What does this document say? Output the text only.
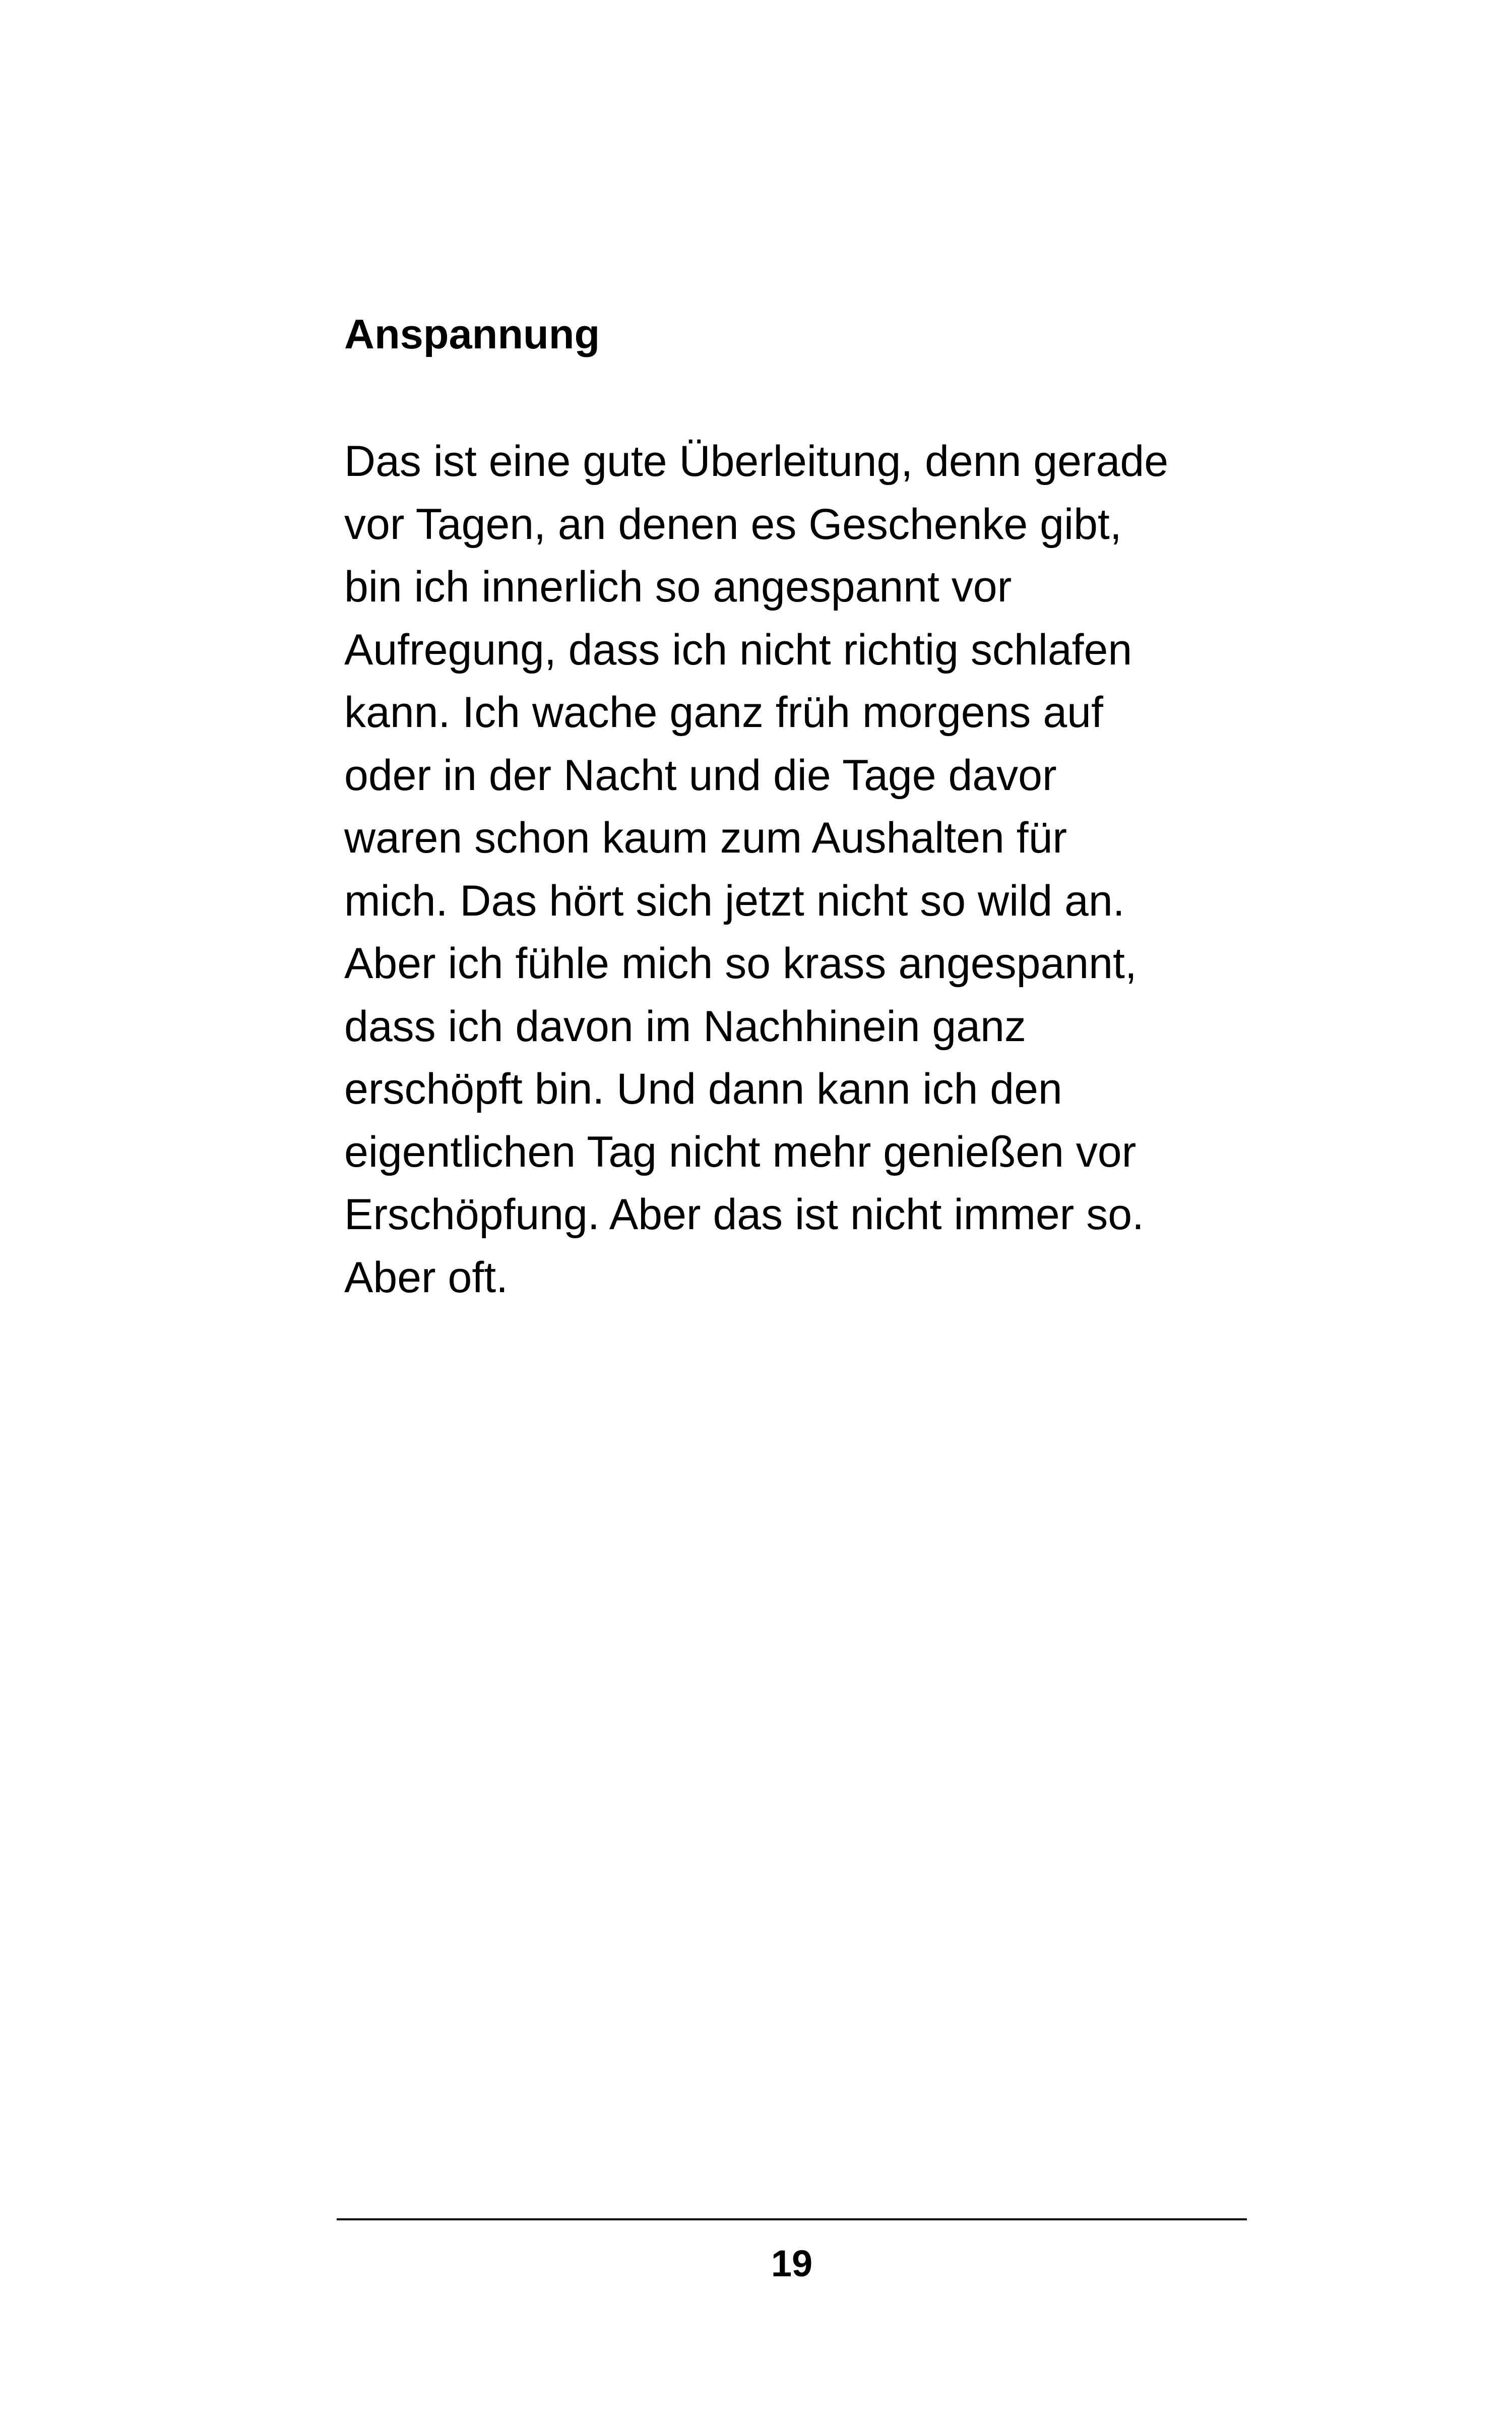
Anspannung
Das ist eine gute Überleitung, denn gerade
vor Tagen, an denen es Geschenke gibt,
bin ich innerlich so angespannt vor
Aufregung, dass ich nicht richtig schlafen
kann. Ich wache ganz früh morgens auf
oder in der Nacht und die Tage davor
waren schon kaum zum Aushalten für
mich. Das hört sich jetzt nicht so wild an.
Aber ich fühle mich so krass angespannt,
dass ich davon im Nachhinein ganz
erschöpft bin. Und dann kann ich den
eigentlichen Tag nicht mehr genießen vor
Erschöpfung. Aber das ist nicht immer so.
Aber oft.
19
